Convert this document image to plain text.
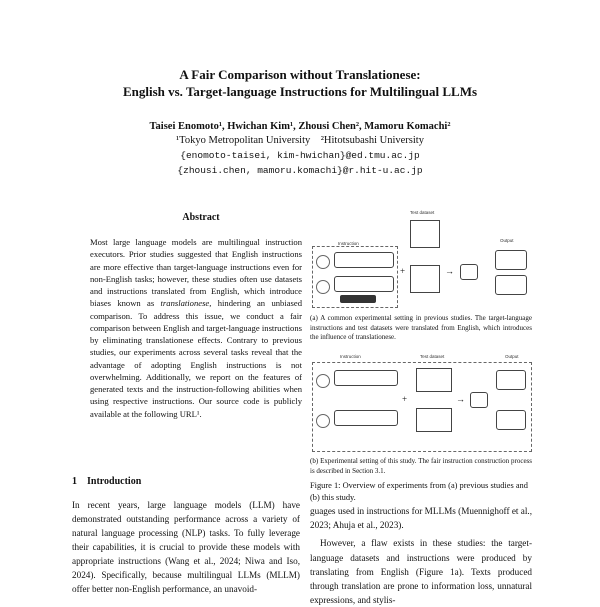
A Fair Comparison without Translationese:
English vs. Target-language Instructions for Multilingual LLMs
Taisei Enomoto¹, Hwichan Kim¹, Zhousi Chen², Mamoru Komachi²
¹Tokyo Metropolitan University    ²Hitotsubashi University
{enomoto-taisei, kim-hwichan}@ed.tmu.ac.jp
{zhousi.chen, mamoru.komachi}@r.hit-u.ac.jp
Abstract
Most large language models are multilingual instruction executors. Prior studies suggested that English instructions are more effective than target-language instructions even for non-English tasks; however, these studies often use datasets and instructions translated from English, which introduce biases known as translationese, hindering an unbiased comparison. To address this issue, we conduct a fair comparison between English and target-language instructions by eliminating translationese effects. Contrary to previous studies, our experiments across several tasks reveal that the advantage of adopting English instructions is not overwhelming. Additionally, we report on the features of generated texts and the instruction-following abilities when using respective instructions. Our source code is publicly available at the following URL¹.
1    Introduction
In recent years, large language models (LLM) have demonstrated outstanding performance across a variety of natural language processing (NLP) tasks. To fully leverage their capabilities, it is crucial to provide these models with appropriate instructions (Wang et al., 2024; Niwa and Iso, 2024). Specifically, because multilingual LLMs (MLLM) offer better non-English performance, an unavoid-
Test dataset
Instruction
+	→
Output
(a) A common experimental setting in previous studies. The target-language instructions and test datasets were translated from English, which introduces the influence of translationese.
Instruction	Test dataset	Output
+	→
(b) Experimental setting of this study. The fair instruction construction process is described in Section 3.1.
Figure 1: Overview of experiments from (a) previous studies and (b) this study.

guages used in instructions for MLLMs (Muennighoff et al., 2023; Ahuja et al., 2023).

However, a flaw exists in these studies: the target-language datasets and instructions were produced by translating from English (Figure 1a). Texts produced through translation are prone to information loss, unnatural expressions, and stylis-
